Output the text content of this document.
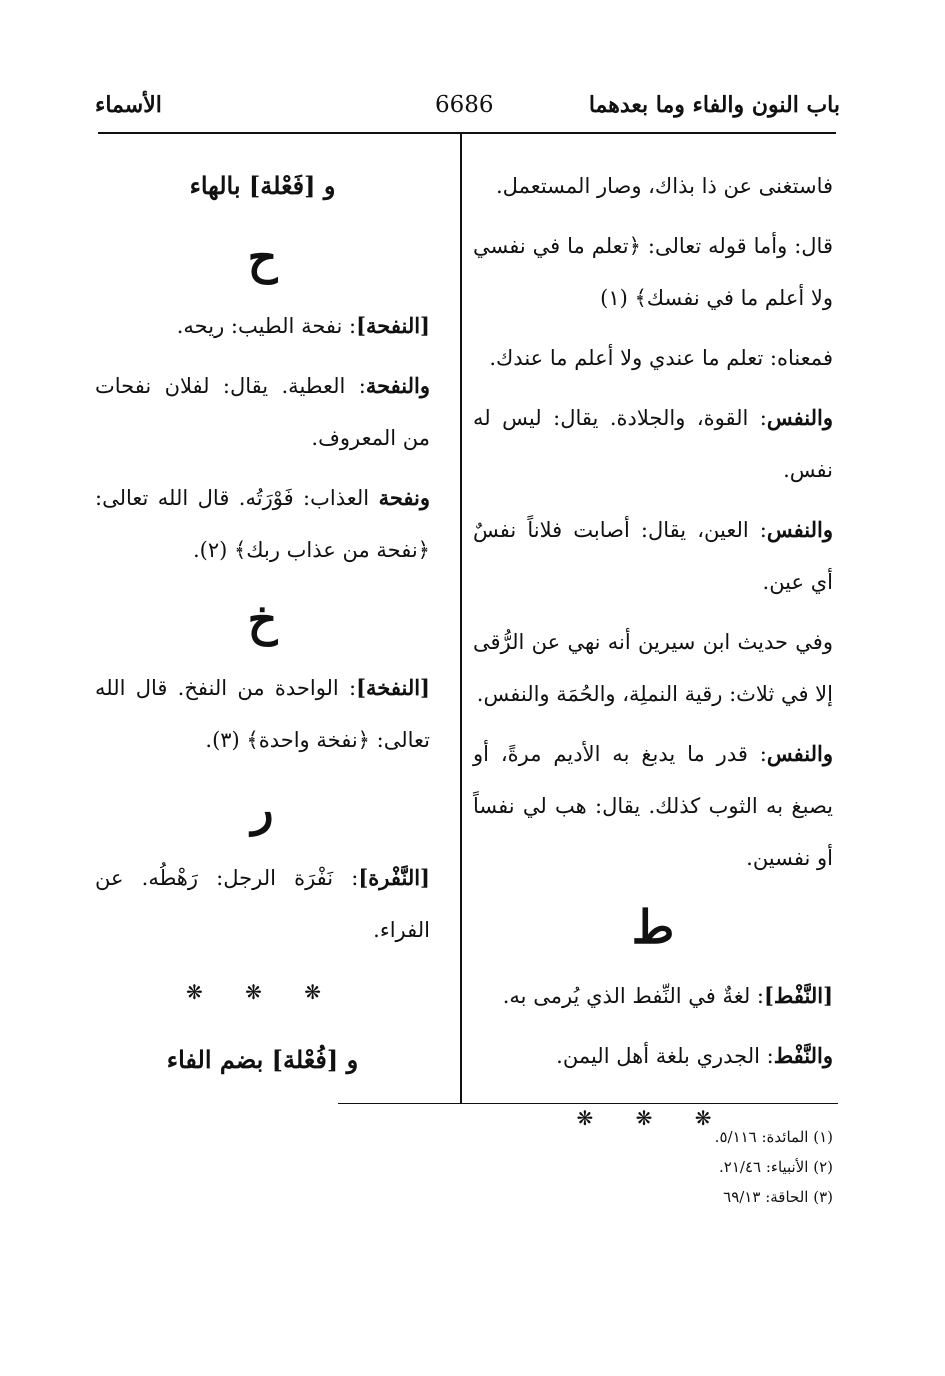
باب النون والفاء وما بعدهما
6686
الأسماء

فاستغنى عن ذا بذاك، وصار المستعمل.

قال: وأما قوله تعالى: ﴿تعلم ما في نفسي ولا أعلم ما في نفسك﴾ (١)

فمعناه: تعلم ما عندي ولا أعلم ما عندك.

والنفس: القوة، والجلادة. يقال: ليس له نفس.

والنفس: العين، يقال: أصابت فلاناً نفسٌ أي عين.

وفي حديث ابن سيرين أنه نهي عن الرُّقى إلا في ثلاث: رقية النملِة، والحُمَة والنفس.

والنفس: قدر ما يدبغ به الأديم مرةً، أو يصبغ به الثوب كذلك. يقال: هب لي نفساً أو نفسين.

ط

[النَّفْط]: لغةٌ في النِّفط الذي يُرمى به.

والنَّفْط: الجدري بلغة أهل اليمن.

❋ ❋ ❋
و [فَعْلة] بالهاء
ح

[النفحة]: نفحة الطيب: ريحه.

والنفحة: العطية. يقال: لفلان نفحات من المعروف.

ونفحة العذاب: فَوْرَتُه. قال الله تعالى: ﴿نفحة من عذاب ربك﴾ (٢).

خ

[النفخة]: الواحدة من النفخ. قال الله تعالى: ﴿نفخة واحدة﴾ (٣).

ر

[النَّفْرة]: نَفْرَة الرجل: رَهْطُه. عن الفراء.

❋ ❋ ❋
و [فُعْلة] بضم الفاء
(١) المائدة: ٥/١١٦.
(٢) الأنبياء: ٢١/٤٦.
(٣) الحاقة: ٦٩/١٣
